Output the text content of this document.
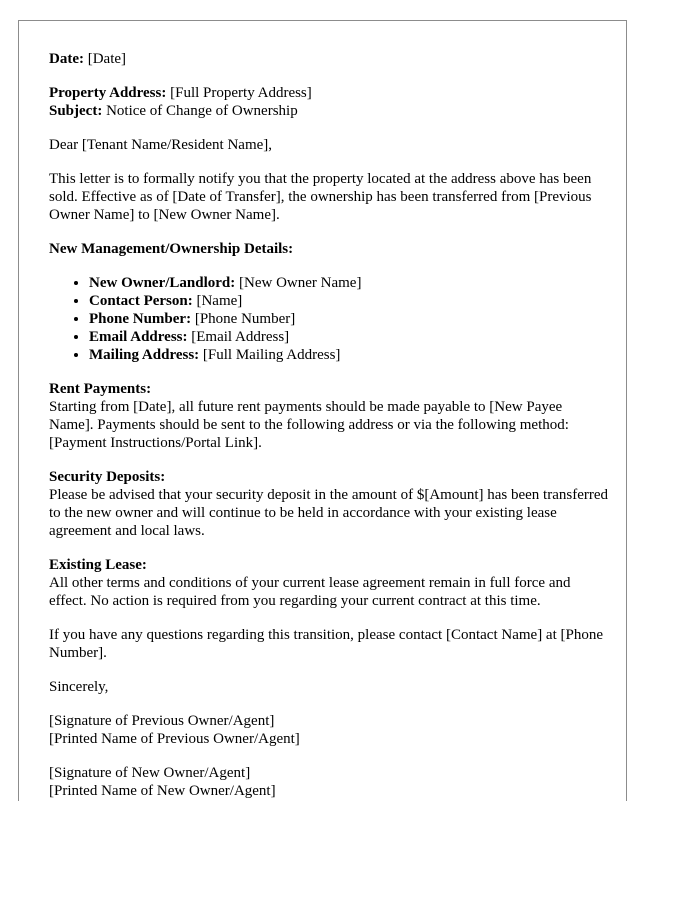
Date: [Date]

Property Address: [Full Property Address]

Subject: Notice of Change of Ownership

Dear [Tenant Name/Resident Name],

This letter is to formally notify you that the property located at the address above has been sold. Effective as of [Date of Transfer], the ownership has been transferred from [Previous Owner Name] to [New Owner Name].

New Management/Ownership Details:

• New Owner/Landlord: [New Owner Name]
• Contact Person: [Name]
• Phone Number: [Phone Number]
• Email Address: [Email Address]
• Mailing Address: [Full Mailing Address]

Rent Payments:
Starting from [Date], all future rent payments should be made payable to [New Payee Name]. Payments should be sent to the following address or via the following method: [Payment Instructions/Portal Link].

Security Deposits:
Please be advised that your security deposit in the amount of $[Amount] has been transferred to the new owner and will continue to be held in accordance with your existing lease agreement and local laws.

Existing Lease:
All other terms and conditions of your current lease agreement remain in full force and effect. No action is required from you regarding your current contract at this time.

If you have any questions regarding this transition, please contact [Contact Name] at [Phone Number].

Sincerely,

[Signature of Previous Owner/Agent]

[Printed Name of Previous Owner/Agent]

[Signature of New Owner/Agent]

[Printed Name of New Owner/Agent]
